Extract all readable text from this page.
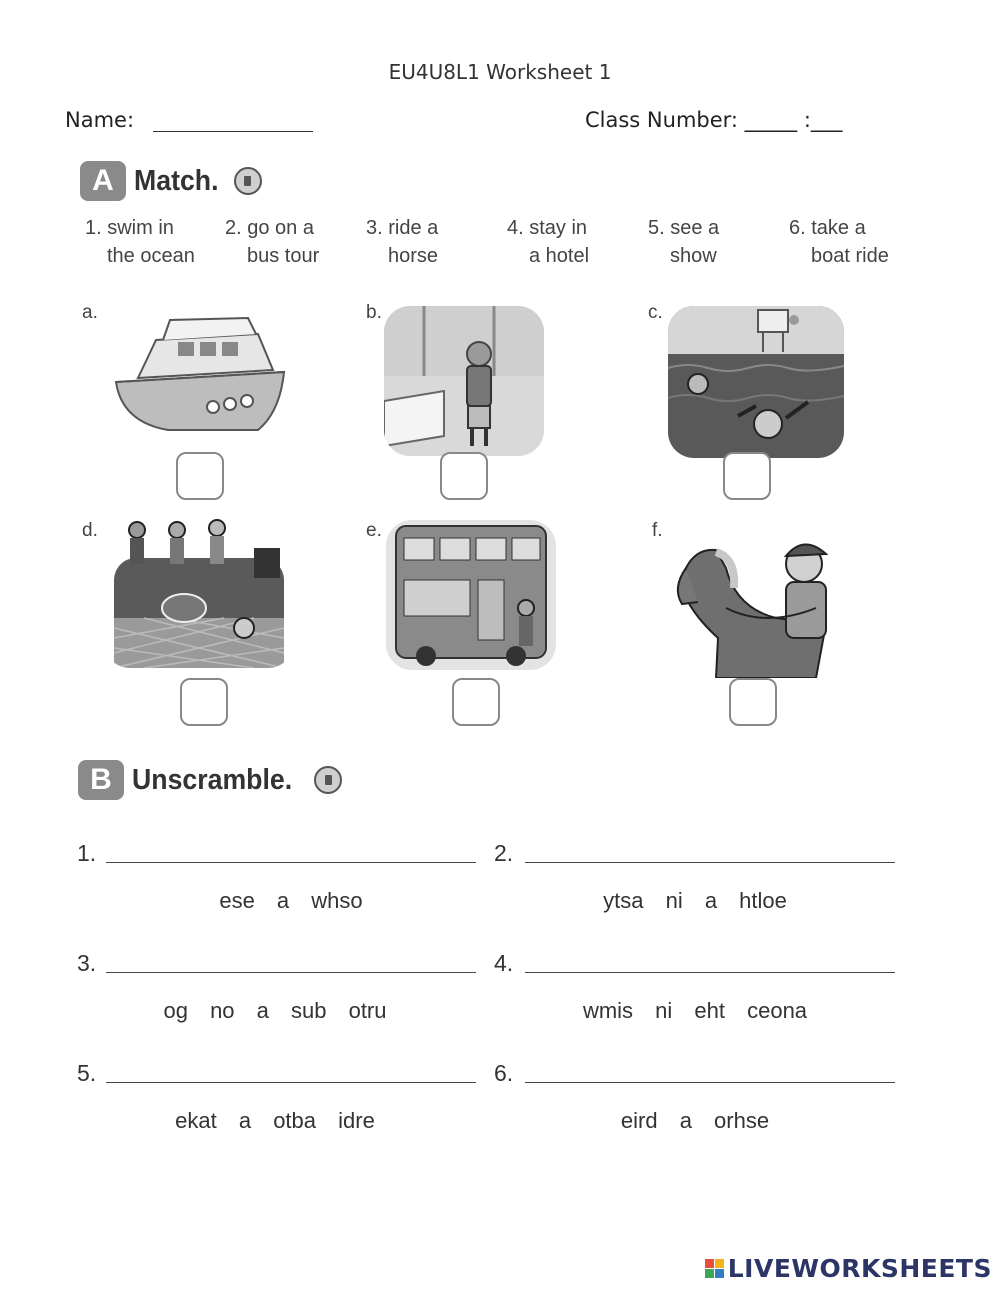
EU4U8L1 Worksheet 1
Name:	Class Number: _____ :___
A Match.
1. swim in
the ocean
2. go on a
bus tour
3. ride a
horse
4. stay in
a hotel
5. see a
show
6. take a
boat ride
a.	b.	c.
d.	e.	f.
B Unscramble.
1.
ese a whso
2.
ytsa ni a htloe
3.
og no a sub otru
4.
wmis ni eht ceona
5.
ekat a otba idre
6.
eird a orhse
LIVEWORKSHEETS
